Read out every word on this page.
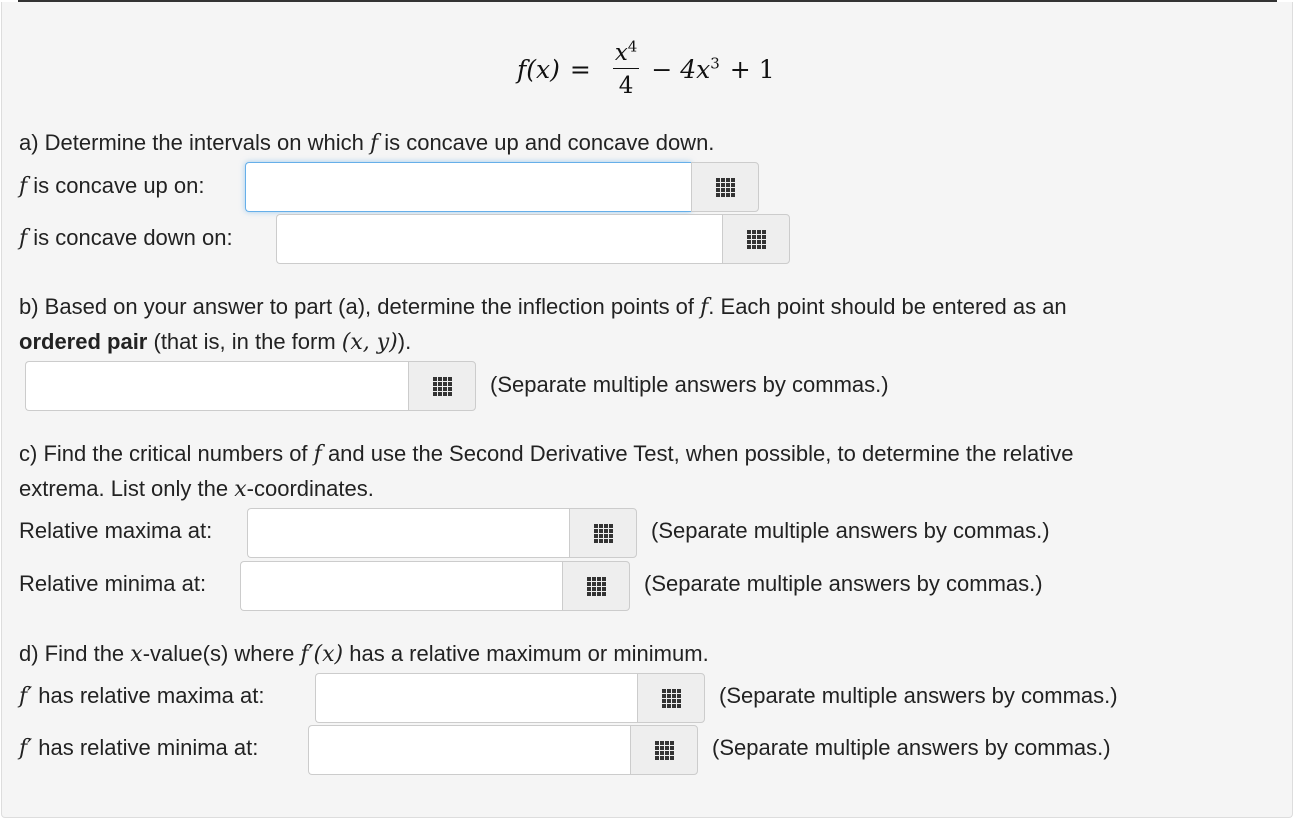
$f(x) = \frac{x^4}{4} - 4x^3 + 1$
a) Determine the intervals on which f is concave up and concave down.
f is concave up on:
f is concave down on:
b) Based on your answer to part (a), determine the inflection points of f. Each point should be entered as an
ordered pair (that is, in the form (x, y)).
(Separate multiple answers by commas.)
c) Find the critical numbers of f and use the Second Derivative Test, when possible, to determine the relative
extrema. List only the x-coordinates.
Relative maxima at:	(Separate multiple answers by commas.)
Relative minima at:	(Separate multiple answers by commas.)
d) Find the x-value(s) where f′(x) has a relative maximum or minimum.
f′ has relative maxima at:	(Separate multiple answers by commas.)
f′ has relative minima at:	(Separate multiple answers by commas.)
